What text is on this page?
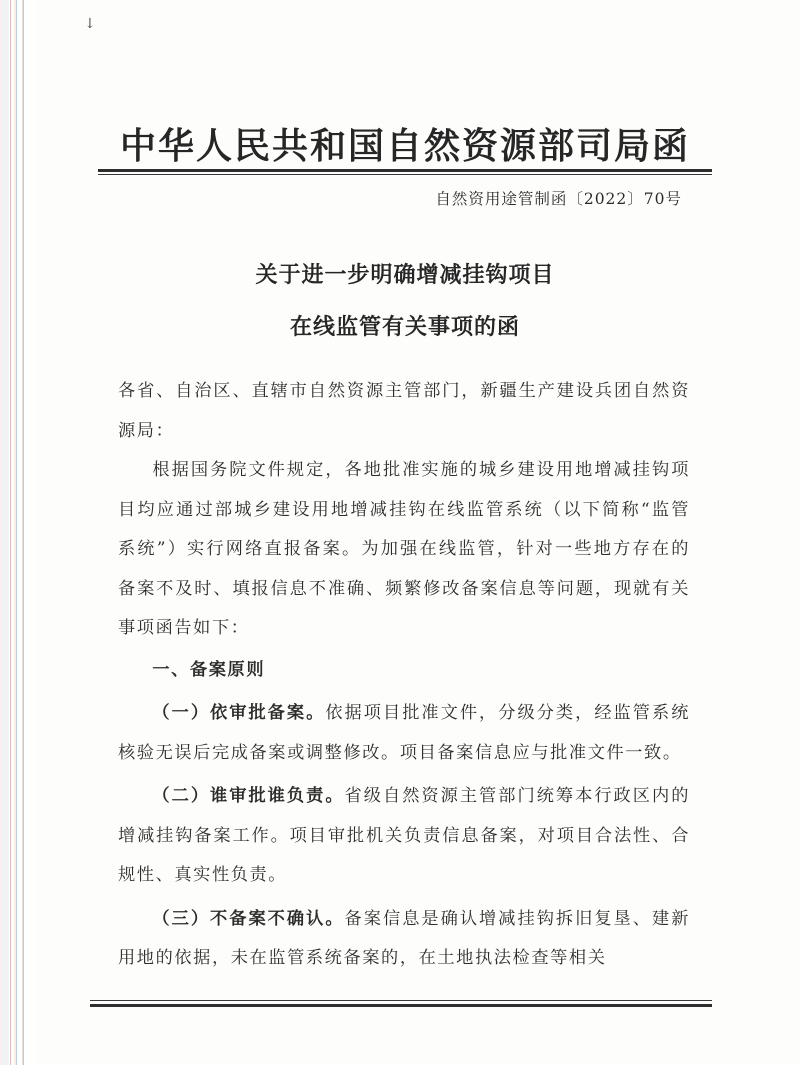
↓
中华人民共和国自然资源部司局函
自然资用途管制函〔2022〕70号
关于进一步明确增减挂钩项目
在线监管有关事项的函

各省、自治区、直辖市自然资源主管部门，新疆生产建设兵团自然资源局：

根据国务院文件规定，各地批准实施的城乡建设用地增减挂钩项目均应通过部城乡建设用地增减挂钩在线监管系统（以下简称“监管系统”）实行网络直报备案。为加强在线监管，针对一些地方存在的备案不及时、填报信息不准确、频繁修改备案信息等问题，现就有关事项函告如下：

一、备案原则

（一）依审批备案。依据项目批准文件，分级分类，经监管系统核验无误后完成备案或调整修改。项目备案信息应与批准文件一致。

（二）谁审批谁负责。省级自然资源主管部门统筹本行政区内的增减挂钩备案工作。项目审批机关负责信息备案，对项目合法性、合规性、真实性负责。

（三）不备案不确认。备案信息是确认增减挂钩拆旧复垦、建新用地的依据，未在监管系统备案的，在土地执法检查等相关
